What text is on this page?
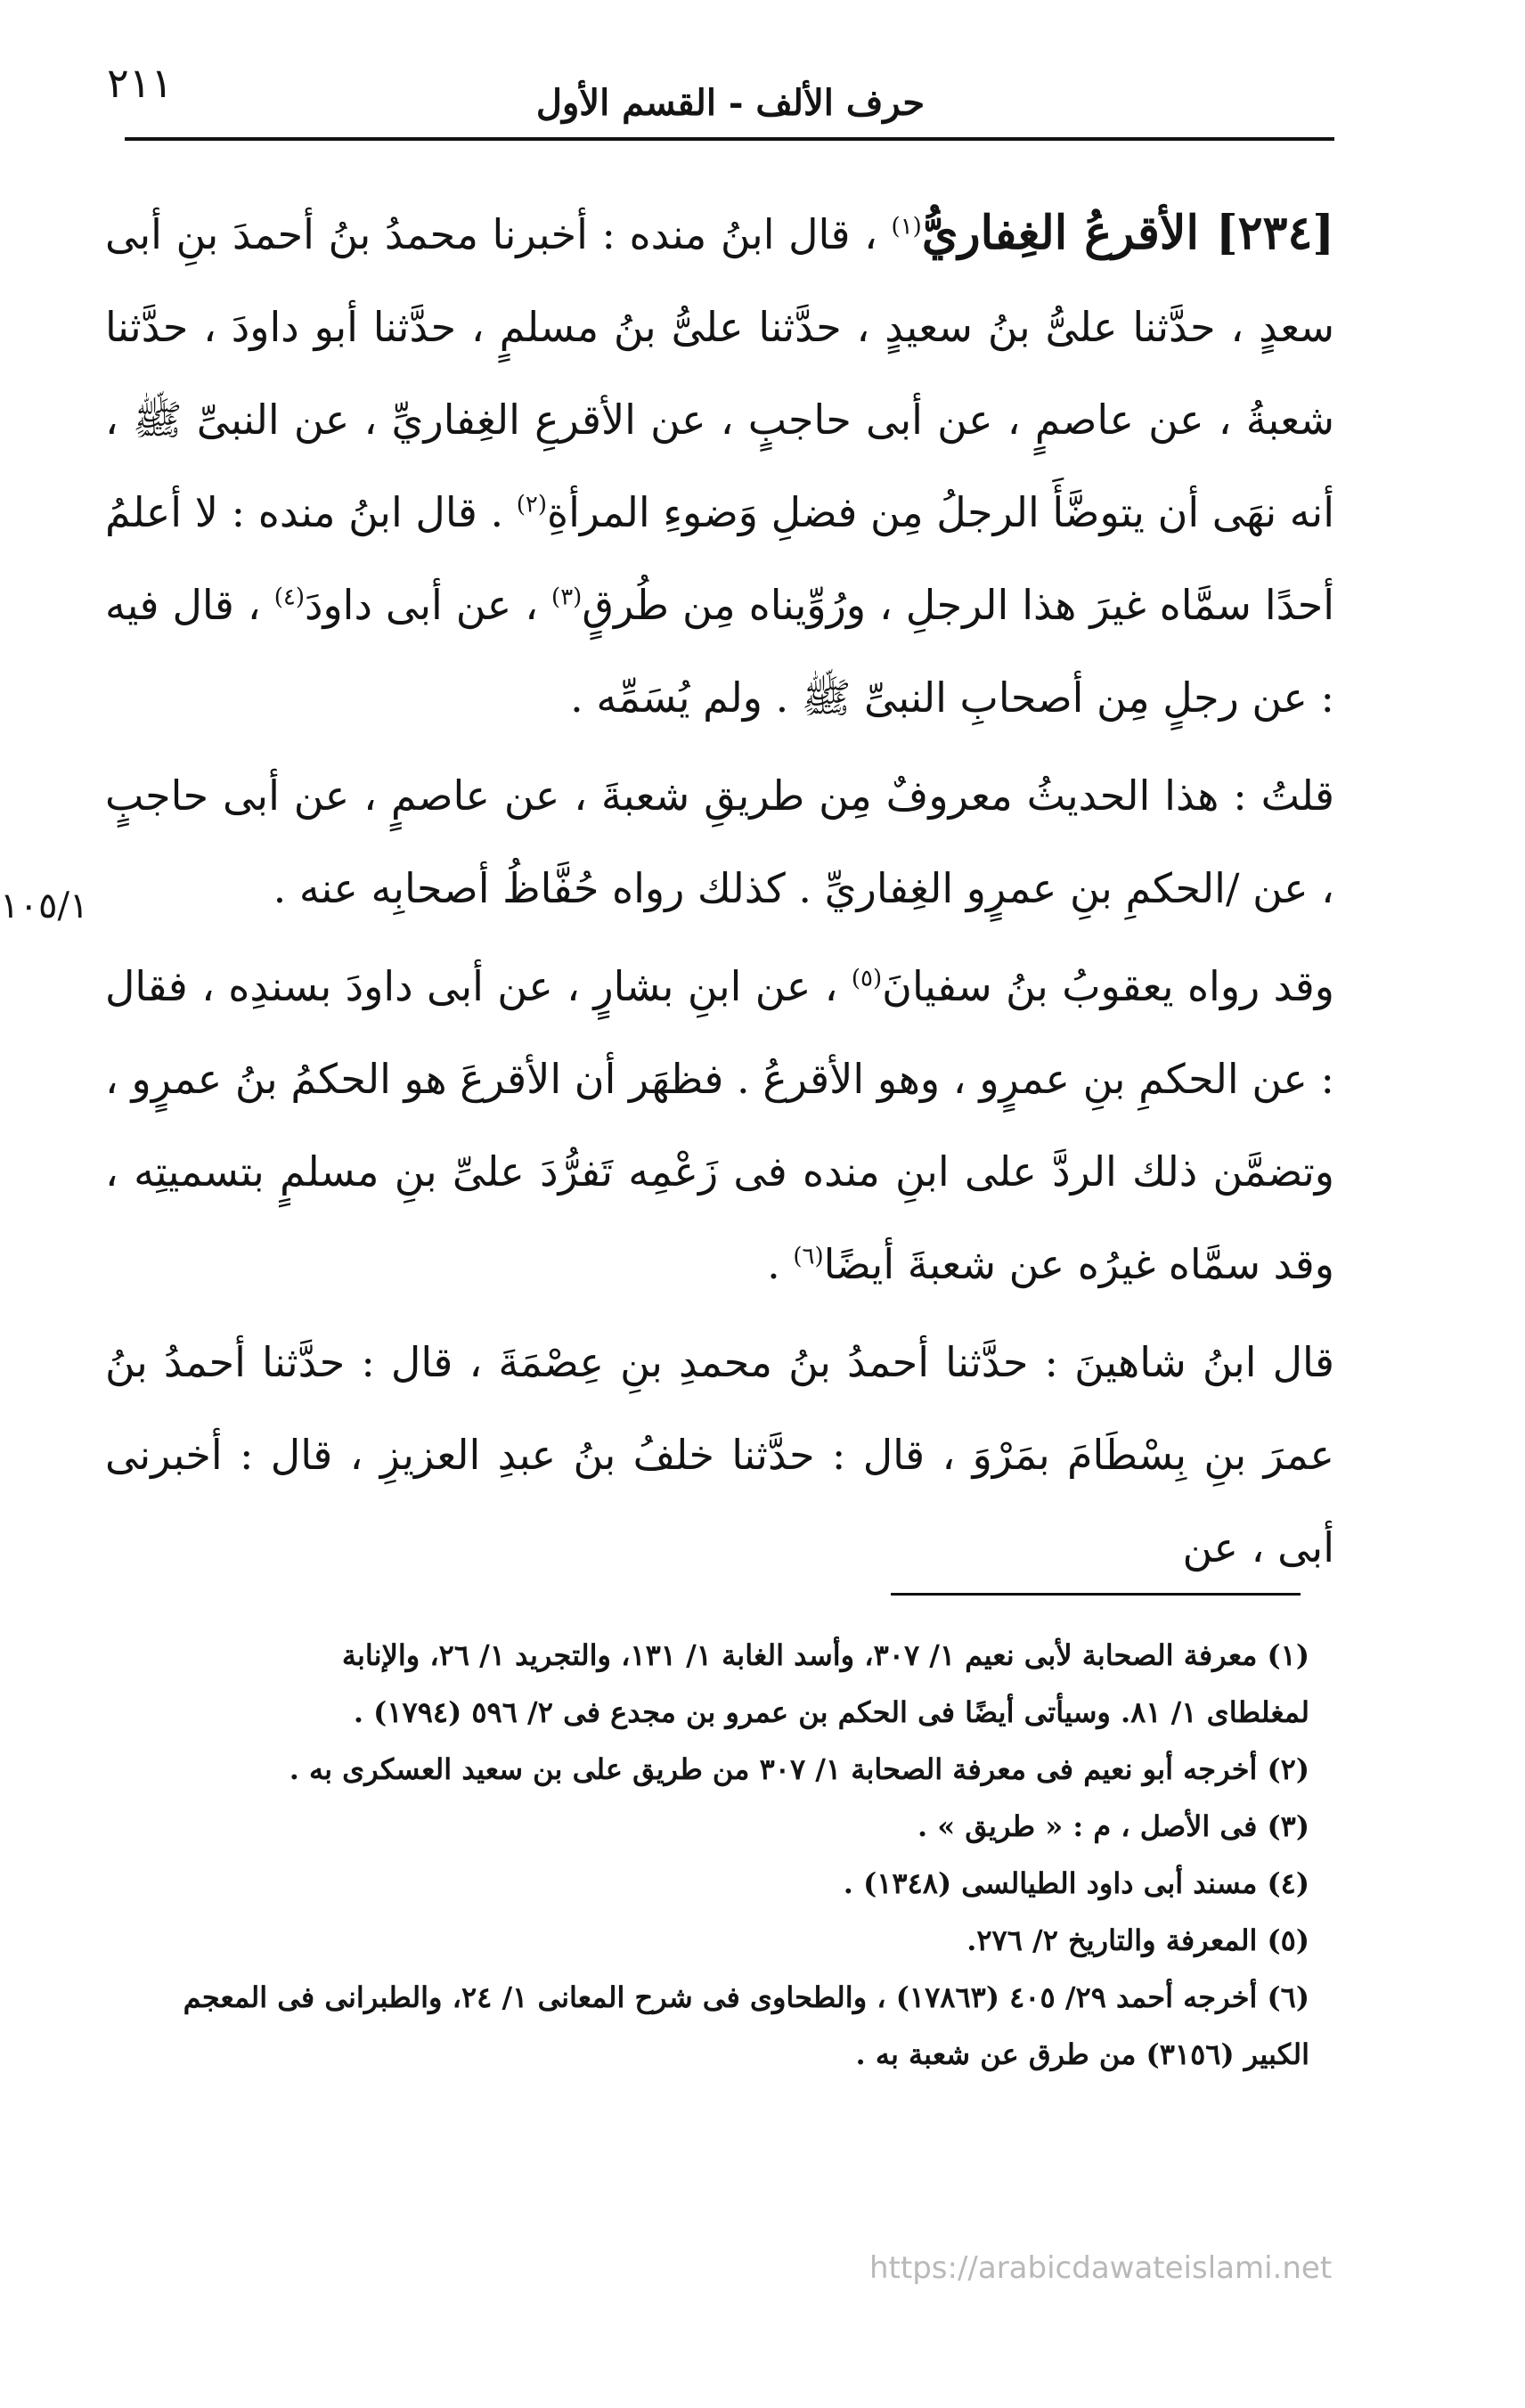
٢١١	حرف الألف - القسم الأول

[٢٣٤] الأقرعُ الغِفاريُّ$^{(١)}$ ، قال ابنُ منده : أخبرنا محمدُ بنُ أحمدَ بنِ أبى سعدٍ ، حدَّثنا علىُّ بنُ سعيدٍ ، حدَّثنا علىُّ بنُ مسلمٍ ، حدَّثنا أبو داودَ ، حدَّثنا شعبةُ ، عن عاصمٍ ، عن أبى حاجبٍ ، عن الأقرعِ الغِفاريِّ ، عن النبىِّ ﷺ ، أنه نهَى أن يتوضَّأَ الرجلُ مِن فضلِ وَضوءِ المرأةِ$^{(٢)}$ . قال ابنُ منده : لا أعلمُ أحدًا سمَّاه غيرَ هذا الرجلِ ، ورُوِّيناه مِن طُرقٍ$^{(٣)}$ ، عن أبى داودَ$^{(٤)}$ ، قال فيه : عن رجلٍ مِن أصحابِ النبىِّ ﷺ . ولم يُسَمِّه .

قلتُ : هذا الحديثُ معروفٌ مِن طريقِ شعبةَ ، عن عاصمٍ ، عن أبى حاجبٍ ، عن /الحكمِ بنِ عمرٍو الغِفاريِّ . كذلك رواه حُفَّاظُ أصحابِه عنه .

وقد رواه يعقوبُ بنُ سفيانَ$^{(٥)}$ ، عن ابنِ بشارٍ ، عن أبى داودَ بسندِه ، فقال : عن الحكمِ بنِ عمرٍو ، وهو الأقرعُ . فظهَر أن الأقرعَ هو الحكمُ بنُ عمرٍو ، وتضمَّن ذلك الردَّ على ابنِ منده فى زَعْمِه تَفرُّدَ علىِّ بنِ مسلمٍ بتسميتِه ، وقد سمَّاه غيرُه عن شعبةَ أيضًا$^{(٦)}$ .

قال ابنُ شاهينَ : حدَّثنا أحمدُ بنُ محمدِ بنِ عِصْمَةَ ، قال : حدَّثنا أحمدُ بنُ عمرَ بنِ بِسْطَامَ بمَرْوَ ، قال : حدَّثنا خلفُ بنُ عبدِ العزيزِ ، قال : أخبرنى أبى ، عن

١٠٥/١

(١) معرفة الصحابة لأبى نعيم ١/ ٣٠٧، وأسد الغابة ١/ ١٣١، والتجريد ١/ ٢٦، والإنابة

لمغلطاى ١/ ٨١. وسيأتى أيضًا فى الحكم بن عمرو بن مجدع فى ٢/ ٥٩٦ (١٧٩٤) .

(٢) أخرجه أبو نعيم فى معرفة الصحابة ١/ ٣٠٧ من طريق على بن سعيد العسكرى به .

(٣) فى الأصل ، م : « طريق » .

(٤) مسند أبى داود الطيالسى (١٣٤٨) .

(٥) المعرفة والتاريخ ٢/ ٢٧٦.

(٦) أخرجه أحمد ٢٩/ ٤٠٥ (١٧٨٦٣) ، والطحاوى فى شرح المعانى ١/ ٢٤، والطبرانى فى المعجم

الكبير (٣١٥٦) من طرق عن شعبة به .

https://arabicdawateislami.net
